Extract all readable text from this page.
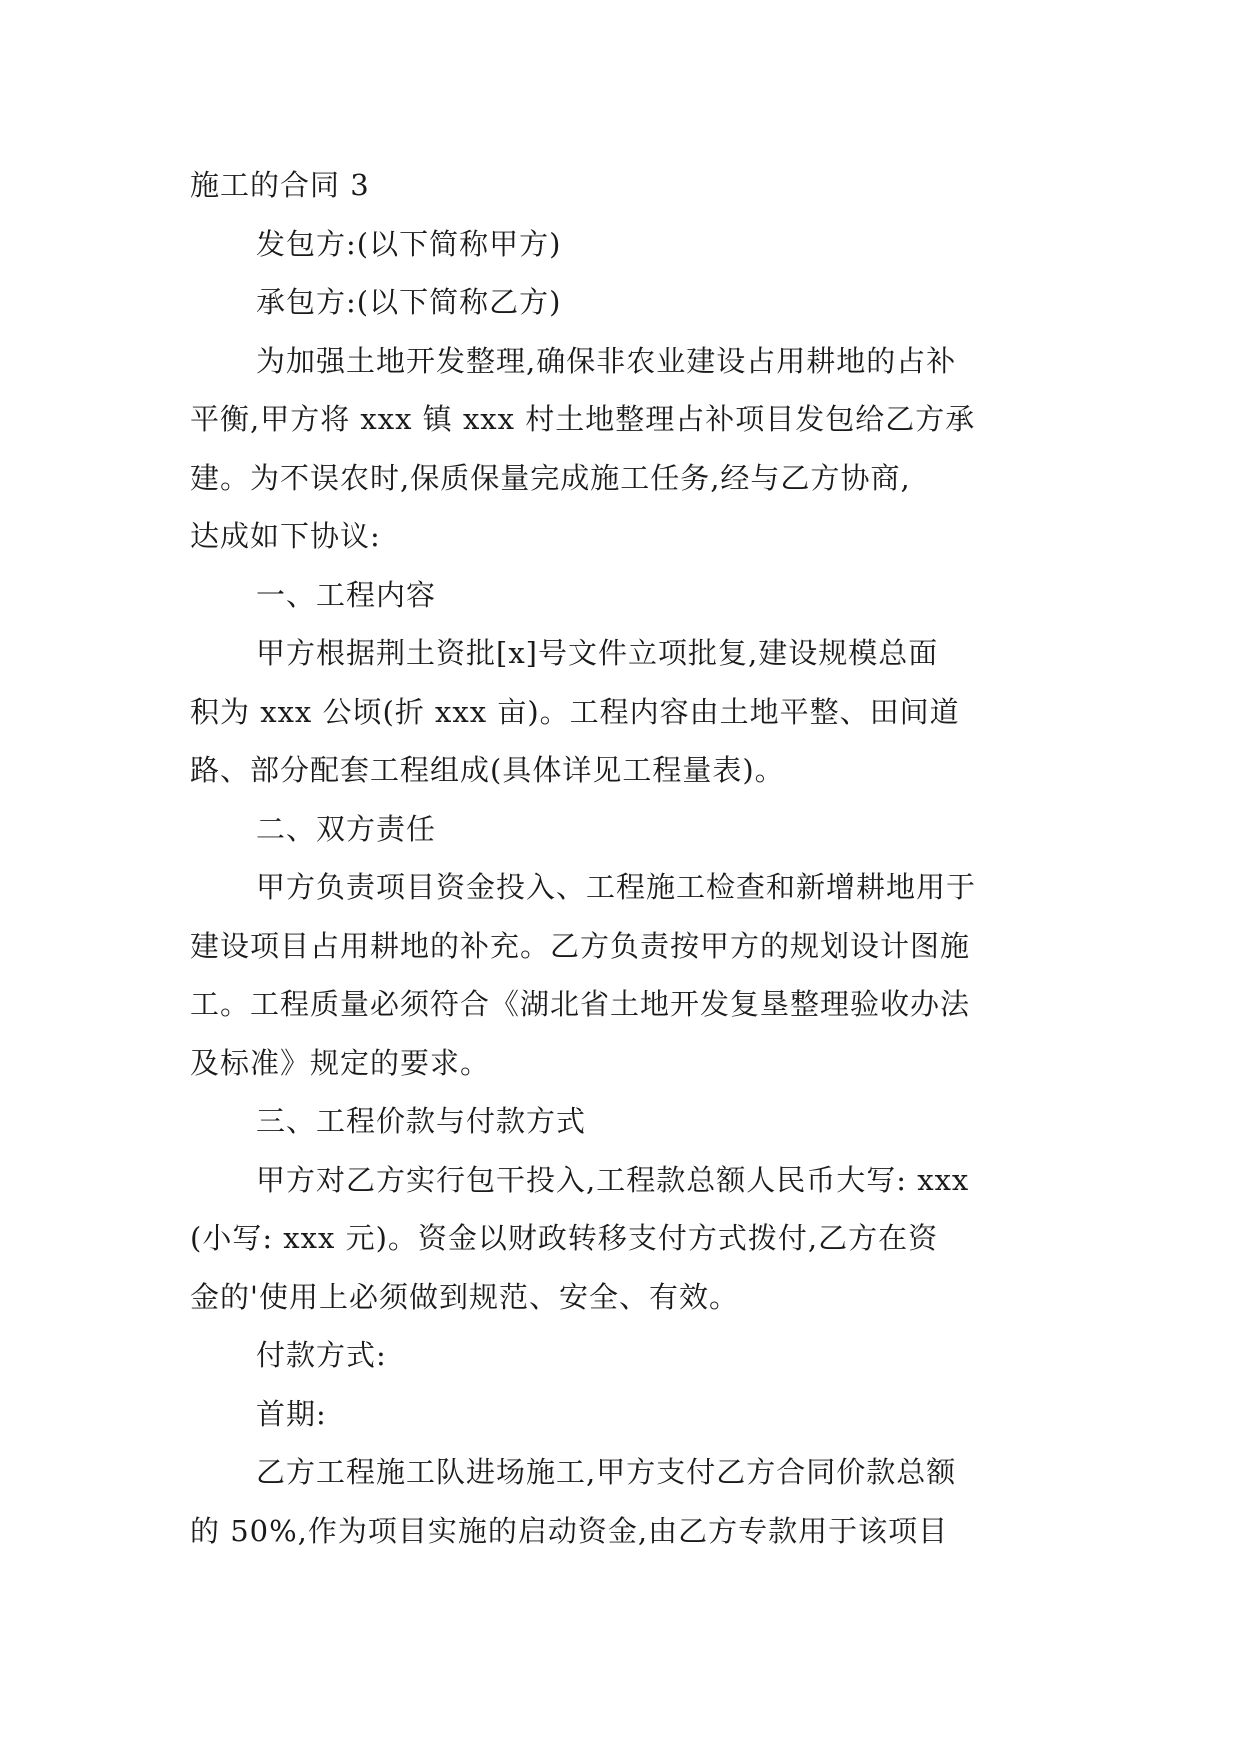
施工的合同 3
发包方:(以下简称甲方)
承包方:(以下简称乙方)
为加强土地开发整理,确保非农业建设占用耕地的占补
平衡,甲方将 xxx 镇 xxx 村土地整理占补项目发包给乙方承
建。为不误农时,保质保量完成施工任务,经与乙方协商,
达成如下协议:
一、工程内容
甲方根据荆土资批[x]号文件立项批复,建设规模总面
积为 xxx 公顷(折 xxx 亩)。工程内容由土地平整、田间道
路、部分配套工程组成(具体详见工程量表)。
二、双方责任
甲方负责项目资金投入、工程施工检查和新增耕地用于
建设项目占用耕地的补充。乙方负责按甲方的规划设计图施
工。工程质量必须符合《湖北省土地开发复垦整理验收办法
及标准》规定的要求。
三、工程价款与付款方式
甲方对乙方实行包干投入,工程款总额人民币大写: xxx
(小写: xxx 元)。资金以财政转移支付方式拨付,乙方在资
金的'使用上必须做到规范、安全、有效。
付款方式:
首期:
乙方工程施工队进场施工,甲方支付乙方合同价款总额
的 50%,作为项目实施的启动资金,由乙方专款用于该项目
